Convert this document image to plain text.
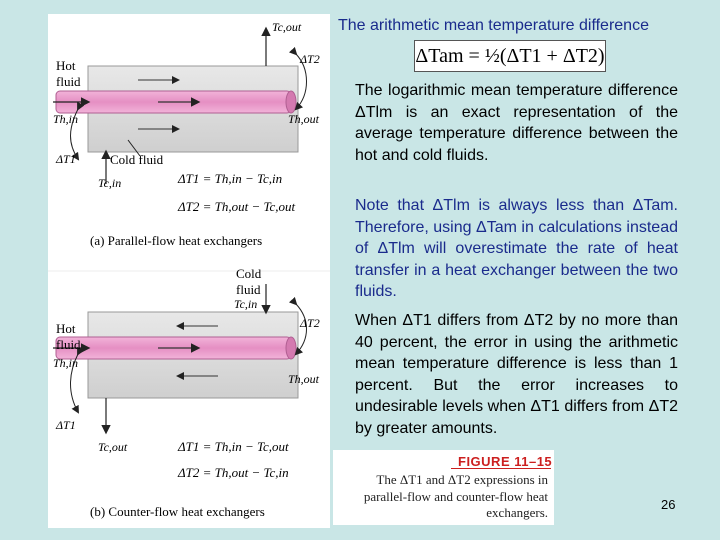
Tc,out
Hot
fluid
Th,in
ΔT2
Th,out
ΔT1	Cold fluid
Tc,in	ΔT1 = Th,in − Tc,in
ΔT2 = Th,out − Tc,out
(a) Parallel-flow heat exchangers
Cold
fluid
Tc,in
Hot
fluid
Th,in
ΔT2
Th,out
ΔT1
Tc,out	ΔT1 = Th,in − Tc,out
ΔT2 = Th,out − Tc,in
(b) Counter-flow heat exchangers
The arithmetic mean temperature difference
ΔTam = ½(ΔT1 + ΔT2)

The logarithmic mean temperature difference ΔTlm is an exact representation of the average temperature difference between the hot and cold fluids.

Note that ΔTlm is always less than ΔTam. Therefore, using ΔTam in calculations instead of ΔTlm will overestimate the rate of heat transfer in a heat exchanger between the two fluids.

When ΔT1 differs from ΔT2 by no more than 40 percent, the error in using the arithmetic mean temperature difference is less than 1 percent. But the error increases to undesirable levels when ΔT1 differs from ΔT2 by greater amounts.

FIGURE 11–15
The ΔT1 and ΔT2 expressions in parallel-flow and counter-flow heat exchangers.
26
